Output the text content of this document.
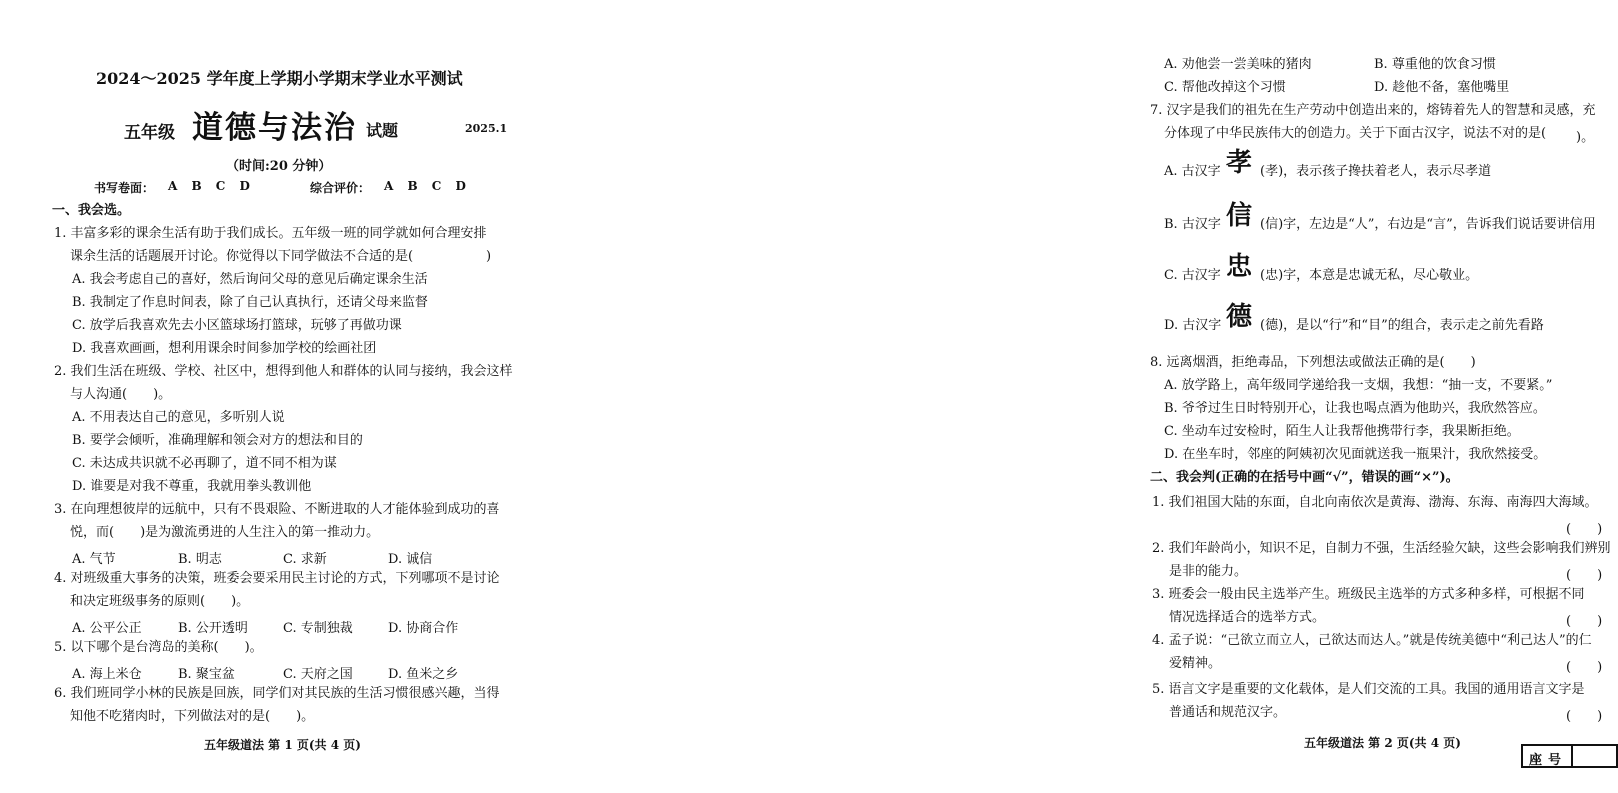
2024～2025 学年度上学期小学期末学业水平测试
五年级 道德与法治 试题	2025.1
（时间:20 分钟）
书写卷面： A B C D	综合评价： A B C D
一、我会选。
1. 丰富多彩的课余生活有助于我们成长。五年级一班的同学就如何合理安排
课余生活的话题展开讨论。你觉得以下同学做法不合适的是(	)
A. 我会考虑自己的喜好，然后询问父母的意见后确定课余生活
B. 我制定了作息时间表，除了自己认真执行，还请父母来监督
C. 放学后我喜欢先去小区篮球场打篮球，玩够了再做功课
D. 我喜欢画画，想利用课余时间参加学校的绘画社团
2. 我们生活在班级、学校、社区中，想得到他人和群体的认同与接纳，我会这样
与人沟通(　　)。
A. 不用表达自己的意见，多听别人说
B. 要学会倾听，准确理解和领会对方的想法和目的
C. 未达成共识就不必再聊了，道不同不相为谋
D. 谁要是对我不尊重，我就用拳头教训他
3. 在向理想彼岸的远航中，只有不畏艰险、不断进取的人才能体验到成功的喜
悦，而(　　)是为激流勇进的人生注入的第一推动力。
A. 气节	B. 明志	C. 求新	D. 诚信
4. 对班级重大事务的决策，班委会要采用民主讨论的方式，下列哪项不是讨论
和决定班级事务的原则(　　)。
A. 公平公正	B. 公开透明	C. 专制独裁	D. 协商合作
5. 以下哪个是台湾岛的美称(　　)。
A. 海上米仓	B. 聚宝盆	C. 天府之国	D. 鱼米之乡
6. 我们班同学小林的民族是回族，同学们对其民族的生活习惯很感兴趣，当得
知他不吃猪肉时，下列做法对的是(　　)。
五年级道法 第 1 页(共 4 页)
A. 劝他尝一尝美味的猪肉	B. 尊重他的饮食习惯
C. 帮他改掉这个习惯	D. 趁他不备，塞他嘴里
7. 汉字是我们的祖先在生产劳动中创造出来的，熔铸着先人的智慧和灵感，充
分体现了中华民族伟大的创造力。关于下面古汉字，说法不对的是( )。
A. 古汉字 孝 (孝)，表示孩子搀扶着老人，表示尽孝道
B. 古汉字 信 (信)字，左边是“人”，右边是“言”，告诉我们说话要讲信用
C. 古汉字 忠 (忠)字，本意是忠诚无私，尽心敬业。
D. 古汉字 德 (德)，是以“行”和“目”的组合，表示走之前先看路
8. 远离烟酒，拒绝毒品，下列想法或做法正确的是(　　)
A. 放学路上，高年级同学递给我一支烟，我想：“抽一支，不要紧。”
B. 爷爷过生日时特别开心，让我也喝点酒为他助兴，我欣然答应。
C. 坐动车过安检时，陌生人让我帮他携带行李，我果断拒绝。
D. 在坐车时，邻座的阿姨初次见面就送我一瓶果汁，我欣然接受。
二、我会判(正确的在括号中画“√”，错误的画“×”)。
1. 我们祖国大陆的东面，自北向南依次是黄海、渤海、东海、南海四大海域。
(　　)
2. 我们年龄尚小，知识不足，自制力不强，生活经验欠缺，这些会影响我们辨别
是非的能力。	(　　)
3. 班委会一般由民主选举产生。班级民主选举的方式多种多样，可根据不同
情况选择适合的选举方式。	(　　)
4. 孟子说：“己欲立而立人，己欲达而达人。”就是传统美德中“利己达人”的仁
爱精神。	(　　)
5. 语言文字是重要的文化载体，是人们交流的工具。我国的通用语言文字是
普通话和规范汉字。	(　　)
五年级道法 第 2 页(共 4 页)
座号
